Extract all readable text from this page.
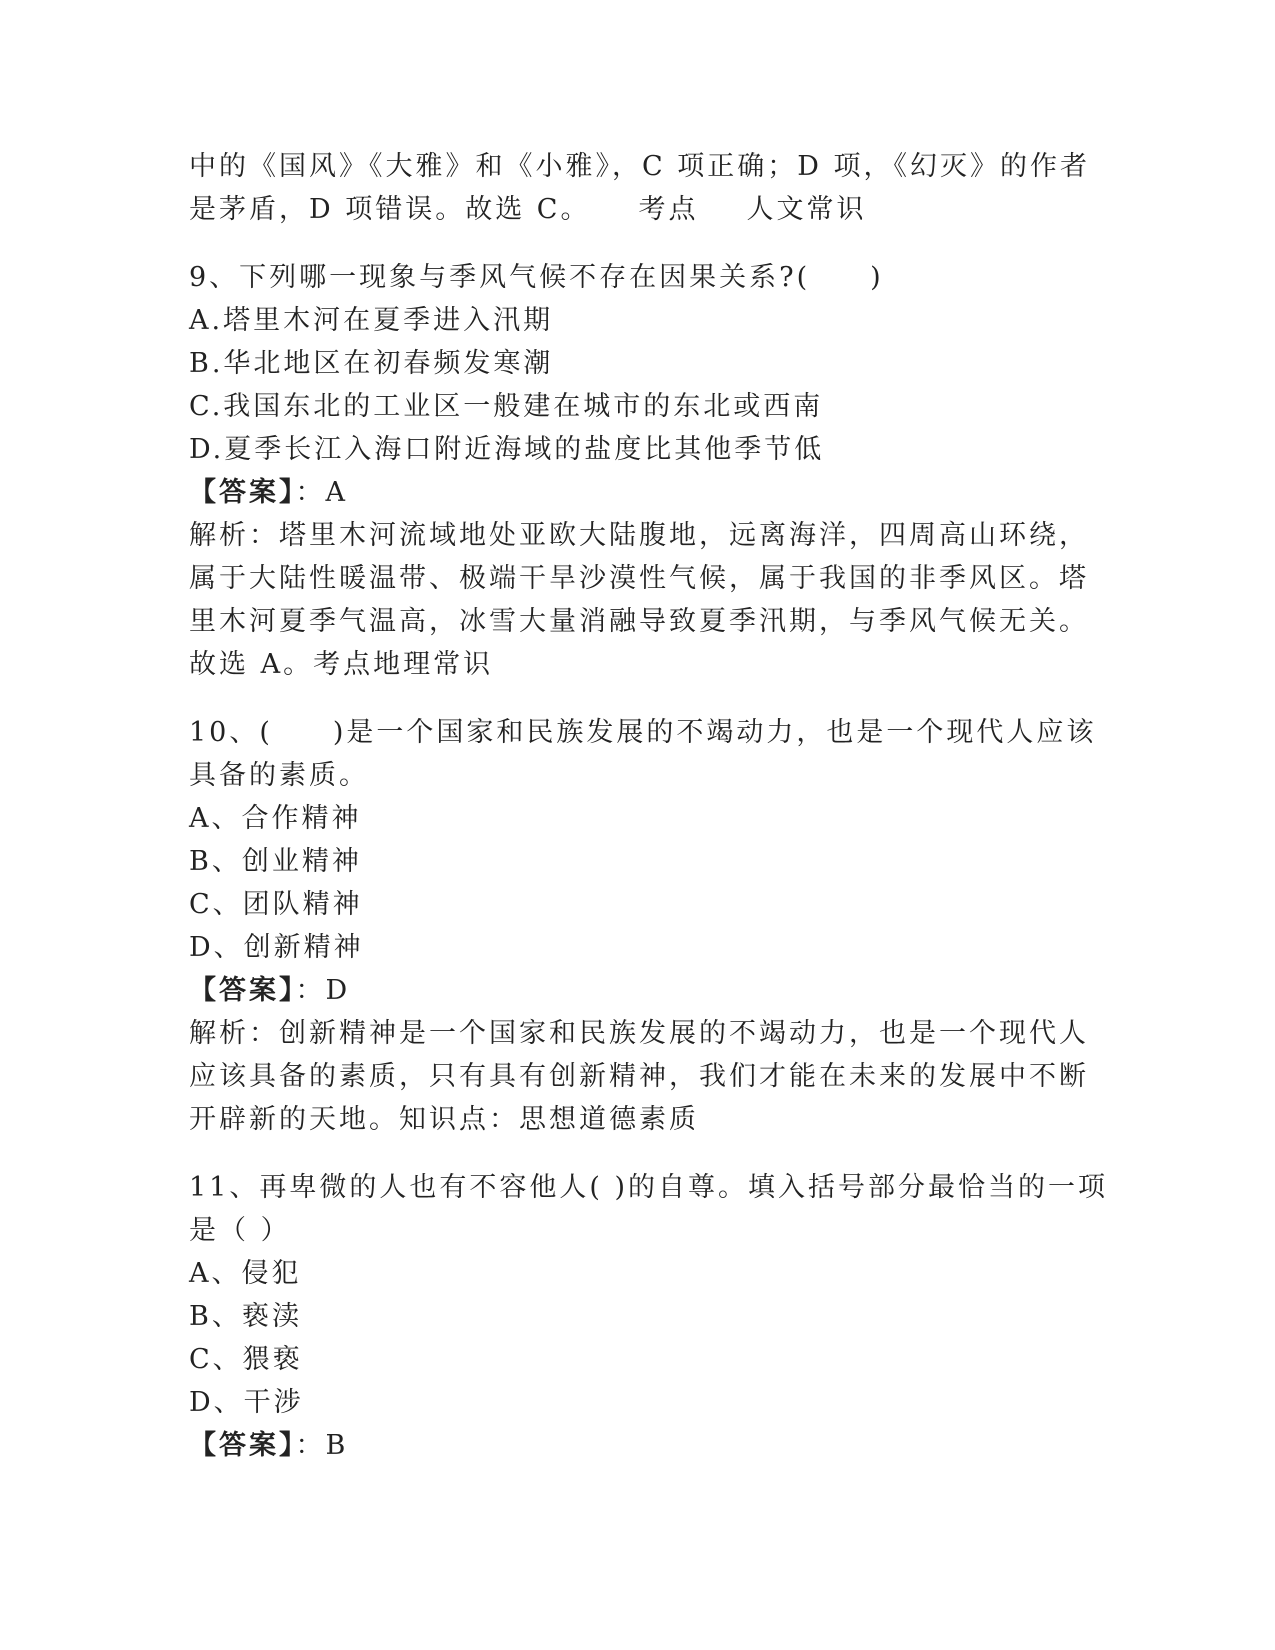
中的《国风》《大雅》和《小雅》，C 项正确；D 项，《幻灭》的作者
是茅盾，D 项错误。故选 C。 考点 人文常识
9、下列哪一现象与季风气候不存在因果关系?(　　)
A.塔里木河在夏季进入汛期
B.华北地区在初春频发寒潮
C.我国东北的工业区一般建在城市的东北或西南
D.夏季长江入海口附近海域的盐度比其他季节低
【答案】：A
解析：塔里木河流域地处亚欧大陆腹地，远离海洋，四周高山环绕，
属于大陆性暖温带、极端干旱沙漠性气候，属于我国的非季风区。塔
里木河夏季气温高，冰雪大量消融导致夏季汛期，与季风气候无关。
故选 A。考点地理常识
10、(　　)是一个国家和民族发展的不竭动力，也是一个现代人应该
具备的素质。
A、合作精神
B、创业精神
C、团队精神
D、创新精神
【答案】：D
解析：创新精神是一个国家和民族发展的不竭动力，也是一个现代人
应该具备的素质，只有具有创新精神，我们才能在未来的发展中不断
开辟新的天地。知识点：思想道德素质
11、再卑微的人也有不容他人( )的自尊。填入括号部分最恰当的一项
是（ ）
A、侵犯
B、亵渎
C、猥亵
D、干涉
【答案】：B
